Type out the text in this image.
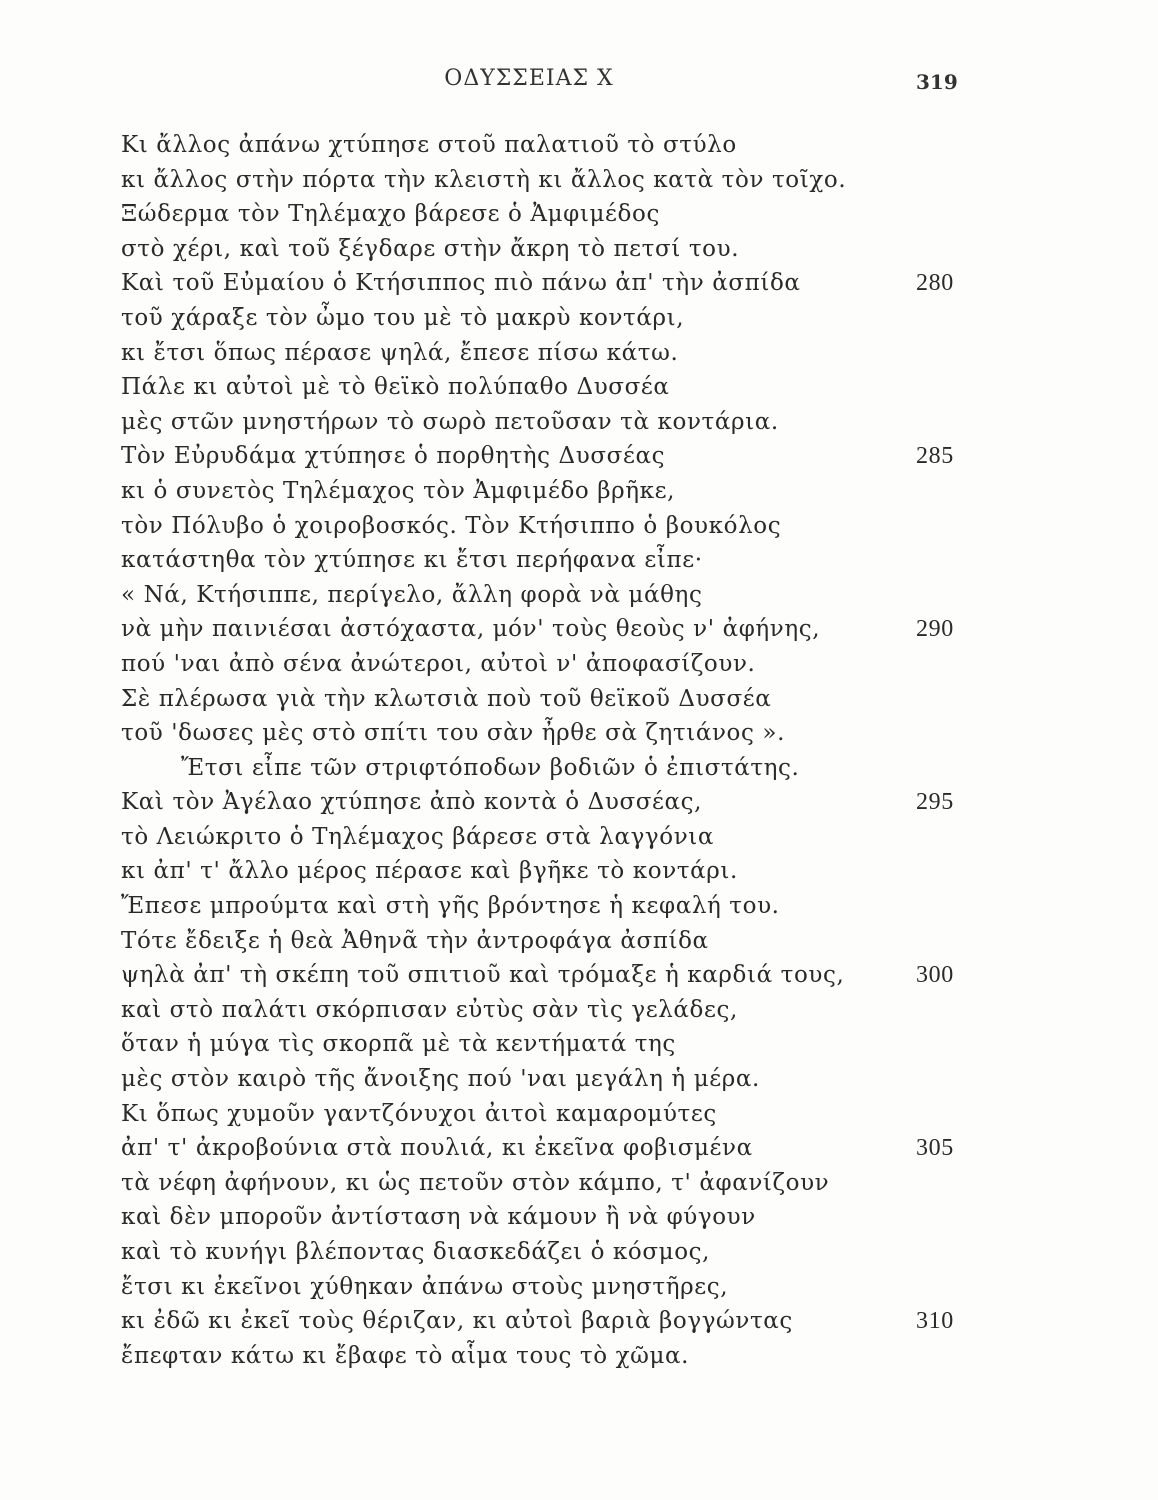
ΟΔΥΣΣΕΙΑΣ Χ	319
Κι ἄλλος ἀπάνω χτύπησε στοῦ παλατιοῦ τὸ στύλο
κι ἄλλος στὴν πόρτα τὴν κλειστὴ κι ἄλλος κατὰ τὸν τοῖχο.
Ξώδερμα τὸν Τηλέμαχο βάρεσε ὁ Ἀμφιμέδος
στὸ χέρι, καὶ τοῦ ξέγδαρε στὴν ἄκρη τὸ πετσί του.
Καὶ τοῦ Εὐμαίου ὁ Κτήσιππος πιὸ πάνω ἀπ' τὴν ἀσπίδα	280
τοῦ χάραξε τὸν ὦμο του μὲ τὸ μακρὺ κοντάρι,
κι ἔτσι ὅπως πέρασε ψηλά, ἔπεσε πίσω κάτω.
Πάλε κι αὐτοὶ μὲ τὸ θεϊκὸ πολύπαθο Δυσσέα
μὲς στῶν μνηστήρων τὸ σωρὸ πετοῦσαν τὰ κοντάρια.
Τὸν Εὐρυδάμα χτύπησε ὁ πορθητὴς Δυσσέας	285
κι ὁ συνετὸς Τηλέμαχος τὸν Ἀμφιμέδο βρῆκε,
τὸν Πόλυβο ὁ χοιροβοσκός. Τὸν Κτήσιππο ὁ βουκόλος
κατάστηθα τὸν χτύπησε κι ἔτσι περήφανα εἶπε·
« Νά, Κτήσιππε, περίγελο, ἄλλη φορὰ νὰ μάθης
νὰ μὴν παινιέσαι ἀστόχαστα, μόν' τοὺς θεοὺς ν' ἀφήνης,	290
πού 'ναι ἀπὸ σένα ἀνώτεροι, αὐτοὶ ν' ἀποφασίζουν.
Σὲ πλέρωσα γιὰ τὴν κλωτσιὰ ποὺ τοῦ θεϊκοῦ Δυσσέα
τοῦ 'δωσες μὲς στὸ σπίτι του σὰν ἦρθε σὰ ζητιάνος ».
Ἔτσι εἶπε τῶν στριφτόποδων βοδιῶν ὁ ἐπιστάτης.
Καὶ τὸν Ἀγέλαο χτύπησε ἀπὸ κοντὰ ὁ Δυσσέας,	295
τὸ Λειώκριτο ὁ Τηλέμαχος βάρεσε στὰ λαγγόνια
κι ἀπ' τ' ἄλλο μέρος πέρασε καὶ βγῆκε τὸ κοντάρι.
Ἔπεσε μπρούμτα καὶ στὴ γῆς βρόντησε ἡ κεφαλή του.
Τότε ἔδειξε ἡ θεὰ Ἀθηνᾶ τὴν ἀντροφάγα ἀσπίδα
ψηλὰ ἀπ' τὴ σκέπη τοῦ σπιτιοῦ καὶ τρόμαξε ἡ καρδιά τους,	300
καὶ στὸ παλάτι σκόρπισαν εὐτὺς σὰν τὶς γελάδες,
ὅταν ἡ μύγα τὶς σκορπᾶ μὲ τὰ κεντήματά της
μὲς στὸν καιρὸ τῆς ἄνοιξης πού 'ναι μεγάλη ἡ μέρα.
Κι ὅπως χυμοῦν γαντζόνυχοι ἀιτοὶ καμαρομύτες
ἀπ' τ' ἀκροβούνια στὰ πουλιά, κι ἐκεῖνα φοβισμένα	305
τὰ νέφη ἀφήνουν, κι ὡς πετοῦν στὸν κάμπο, τ' ἀφανίζουν
καὶ δὲν μποροῦν ἀντίσταση νὰ κάμουν ἢ νὰ φύγουν
καὶ τὸ κυνήγι βλέποντας διασκεδάζει ὁ κόσμος,
ἔτσι κι ἐκεῖνοι χύθηκαν ἀπάνω στοὺς μνηστῆρες,
κι ἐδῶ κι ἐκεῖ τοὺς θέριζαν, κι αὐτοὶ βαριὰ βογγώντας	310
ἔπεφταν κάτω κι ἔβαφε τὸ αἷμα τους τὸ χῶμα.
